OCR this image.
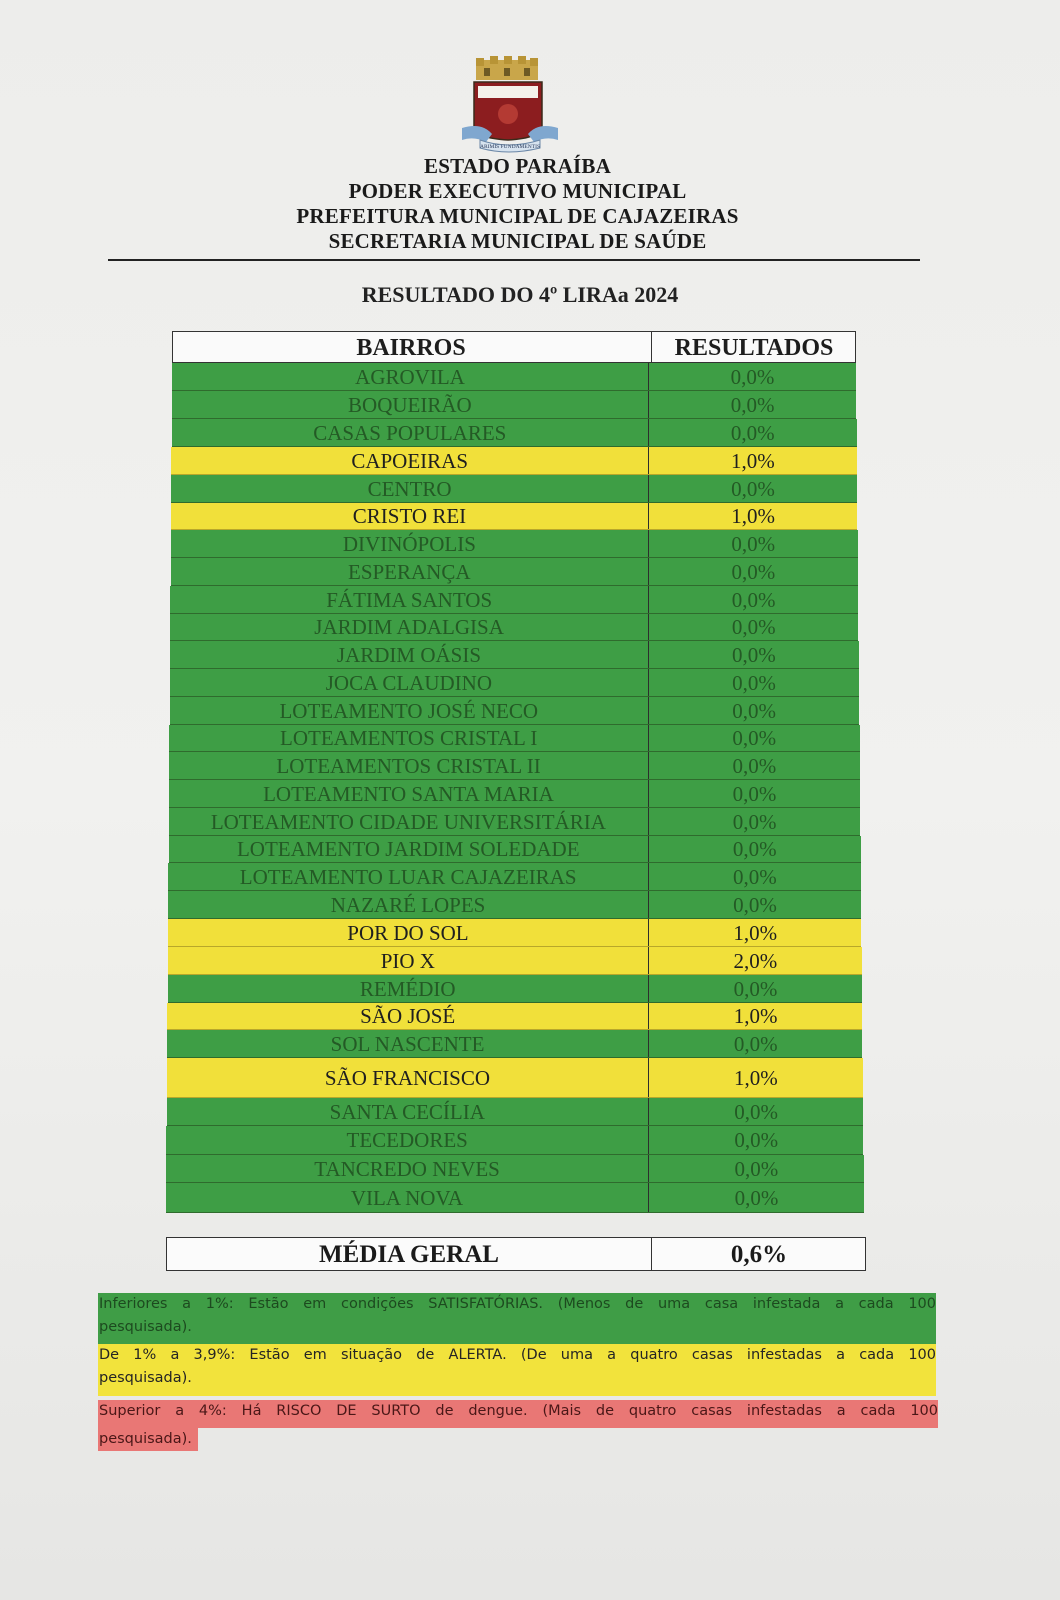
ARIMIS FUNDAMENTIS
ESTADO PARAÍBA
PODER EXECUTIVO MUNICIPAL
PREFEITURA MUNICIPAL DE CAJAZEIRAS
SECRETARIA MUNICIPAL DE SAÚDE
RESULTADO DO 4º LIRAa 2024
BAIRROS	RESULTADOS
AGROVILA	0,0%
BOQUEIRÃO	0,0%
CASAS POPULARES	0,0%
CAPOEIRAS	1,0%
CENTRO	0,0%
CRISTO REI	1,0%
DIVINÓPOLIS	0,0%
ESPERANÇA	0,0%
FÁTIMA SANTOS	0,0%
JARDIM ADALGISA	0,0%
JARDIM OÁSIS	0,0%
JOCA CLAUDINO	0,0%
LOTEAMENTO JOSÉ NECO	0,0%
LOTEAMENTOS CRISTAL I	0,0%
LOTEAMENTOS CRISTAL II	0,0%
LOTEAMENTO SANTA MARIA	0,0%
LOTEAMENTO CIDADE UNIVERSITÁRIA	0,0%
LOTEAMENTO JARDIM SOLEDADE	0,0%
LOTEAMENTO LUAR CAJAZEIRAS	0,0%
NAZARÉ LOPES	0,0%
POR DO SOL	1,0%
PIO X	2,0%
REMÉDIO	0,0%
SÃO JOSÉ	1,0%
SOL NASCENTE	0,0%
SÃO FRANCISCO	1,0%
SANTA CECÍLIA	0,0%
TECEDORES	0,0%
TANCREDO NEVES	0,0%
VILA NOVA	0,0%
MÉDIA GERAL	0,6%
Inferiores a 1%: Estão em condições SATISFATÓRIAS. (Menos de uma casa infestada a cada 100
pesquisada).
De 1% a 3,9%: Estão em situação de ALERTA. (De uma a quatro casas infestadas a cada 100
pesquisada).
Superior a 4%: Há RISCO DE SURTO de dengue. (Mais de quatro casas infestadas a cada 100
pesquisada).
